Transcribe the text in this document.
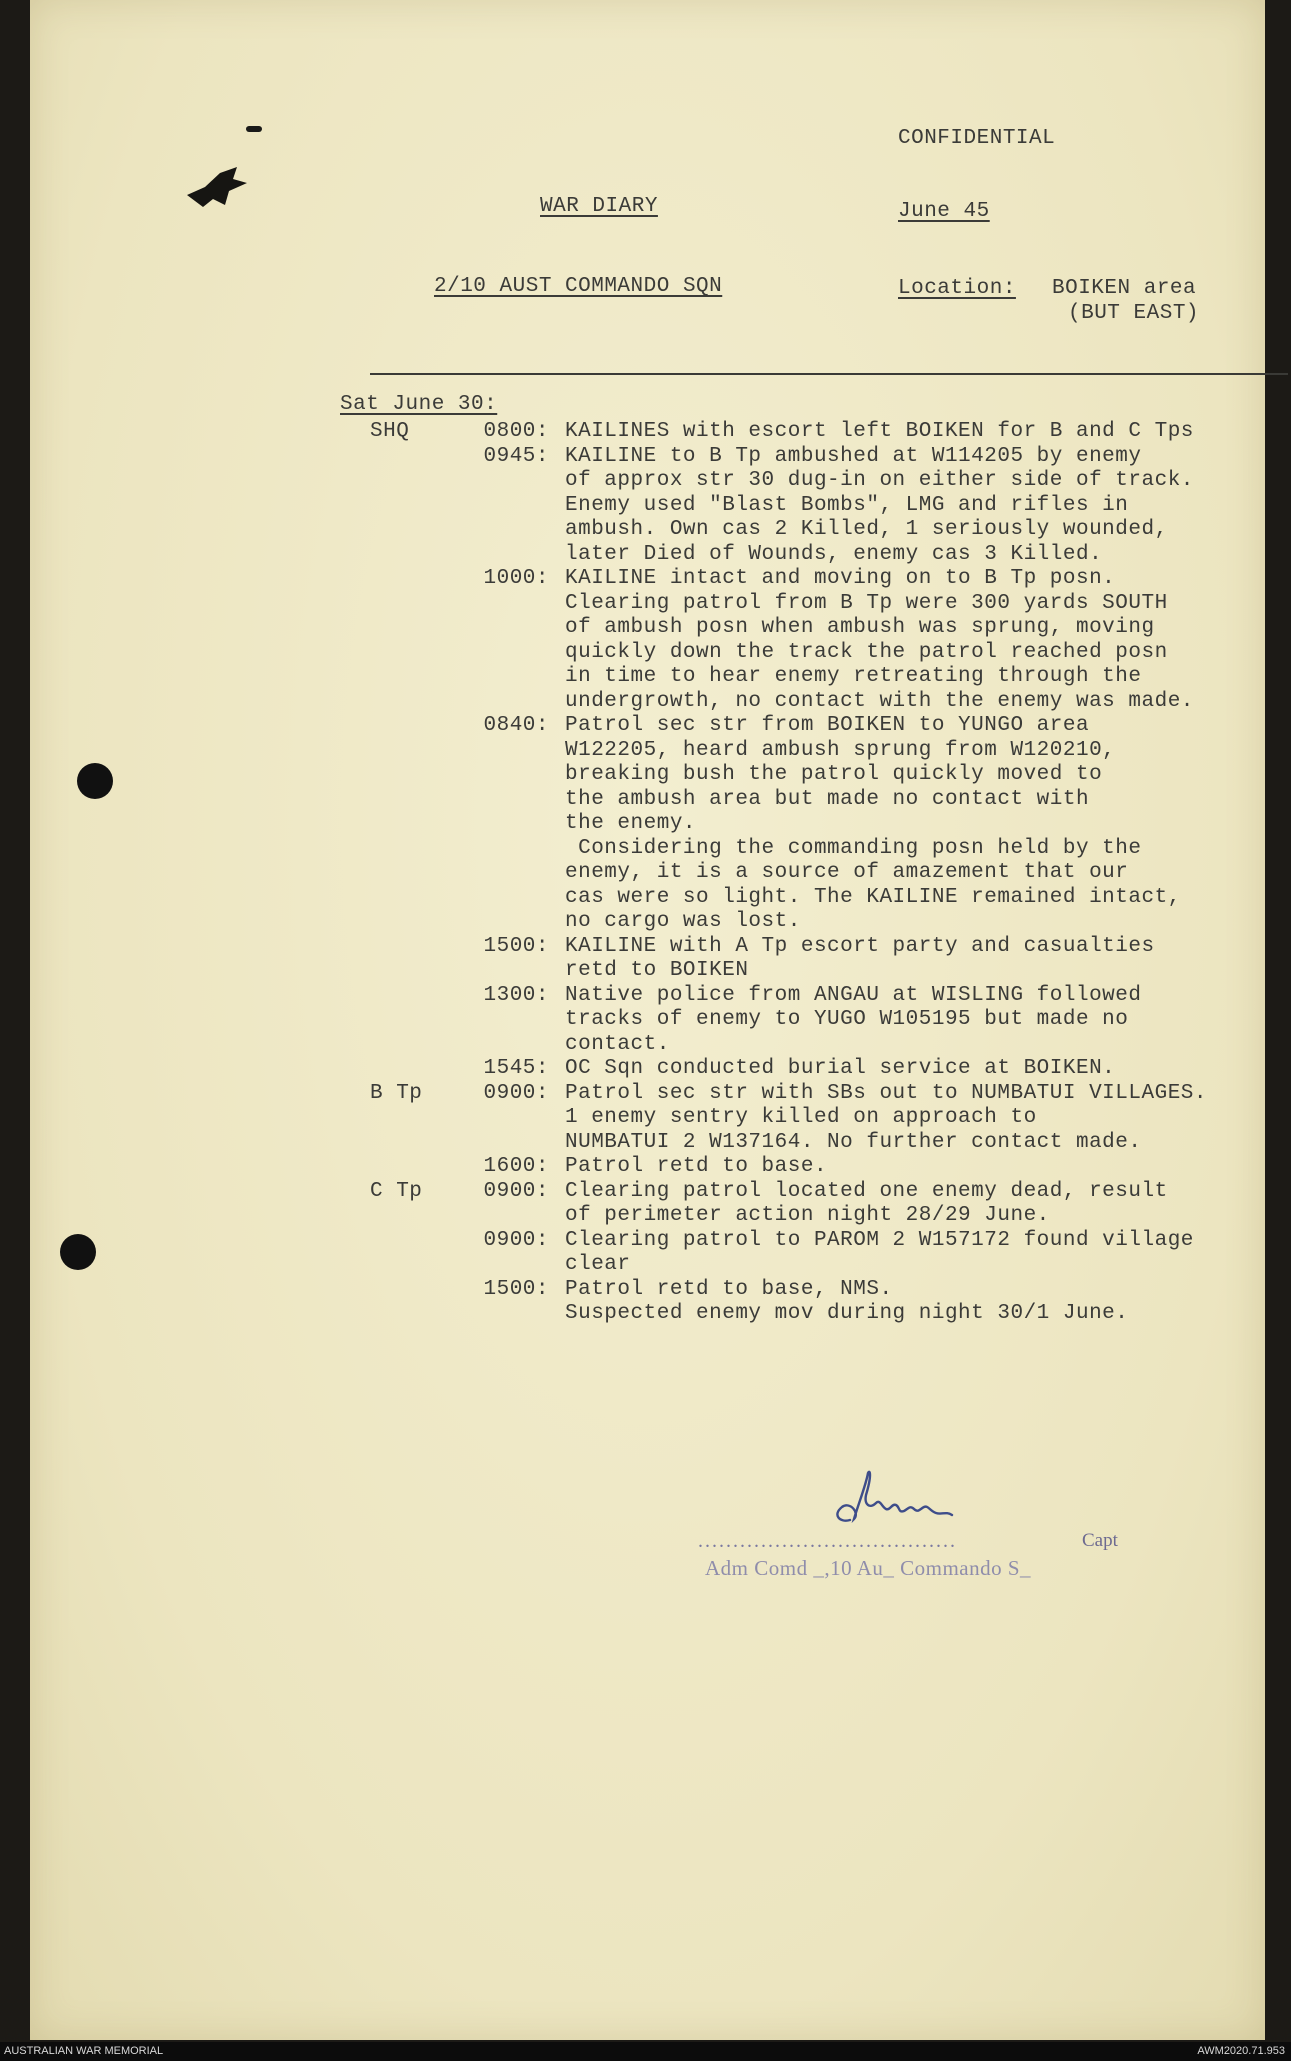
CONFIDENTIAL
WAR DIARY	June 45
2/10 AUST COMMANDO SQN	Location: BOIKEN area
(BUT EAST)
Sat June 30:
SHQ	0800: KAILINES with escort left BOIKEN for B and C Tps
0945: KAILINE to B Tp ambushed at W114205 by enemy
of approx str 30 dug-in on either side of track.
Enemy used "Blast Bombs", LMG and rifles in
ambush. Own cas 2 Killed, 1 seriously wounded,
later Died of Wounds, enemy cas 3 Killed.
1000: KAILINE intact and moving on to B Tp posn.
Clearing patrol from B Tp were 300 yards SOUTH
of ambush posn when ambush was sprung, moving
quickly down the track the patrol reached posn
in time to hear enemy retreating through the
undergrowth, no contact with the enemy was made.
0840: Patrol sec str from BOIKEN to YUNGO area
W122205, heard ambush sprung from W120210,
breaking bush the patrol quickly moved to
the ambush area but made no contact with
the enemy.
Considering the commanding posn held by the
enemy, it is a source of amazement that our
cas were so light. The KAILINE remained intact,
no cargo was lost.
1500: KAILINE with A Tp escort party and casualties
retd to BOIKEN
1300: Native police from ANGAU at WISLING followed
tracks of enemy to YUGO W105195 but made no
contact.
1545: OC Sqn conducted burial service at BOIKEN.
B Tp	0900: Patrol sec str with SBs out to NUMBATUI VILLAGES.
1 enemy sentry killed on approach to
NUMBATUI 2 W137164. No further contact made.
1600: Patrol retd to base.
C Tp	0900: Clearing patrol located one enemy dead, result
of perimeter action night 28/29 June.
0900: Clearing patrol to PAROM 2 W157172 found village
clear
1500: Patrol retd to base, NMS.
Suspected enemy mov during night 30/1 June.
.....................................	Capt
Adm Comd _,10 Au_ Commando S_
AUSTRALIAN WAR MEMORIAL	AWM2020.71.953
